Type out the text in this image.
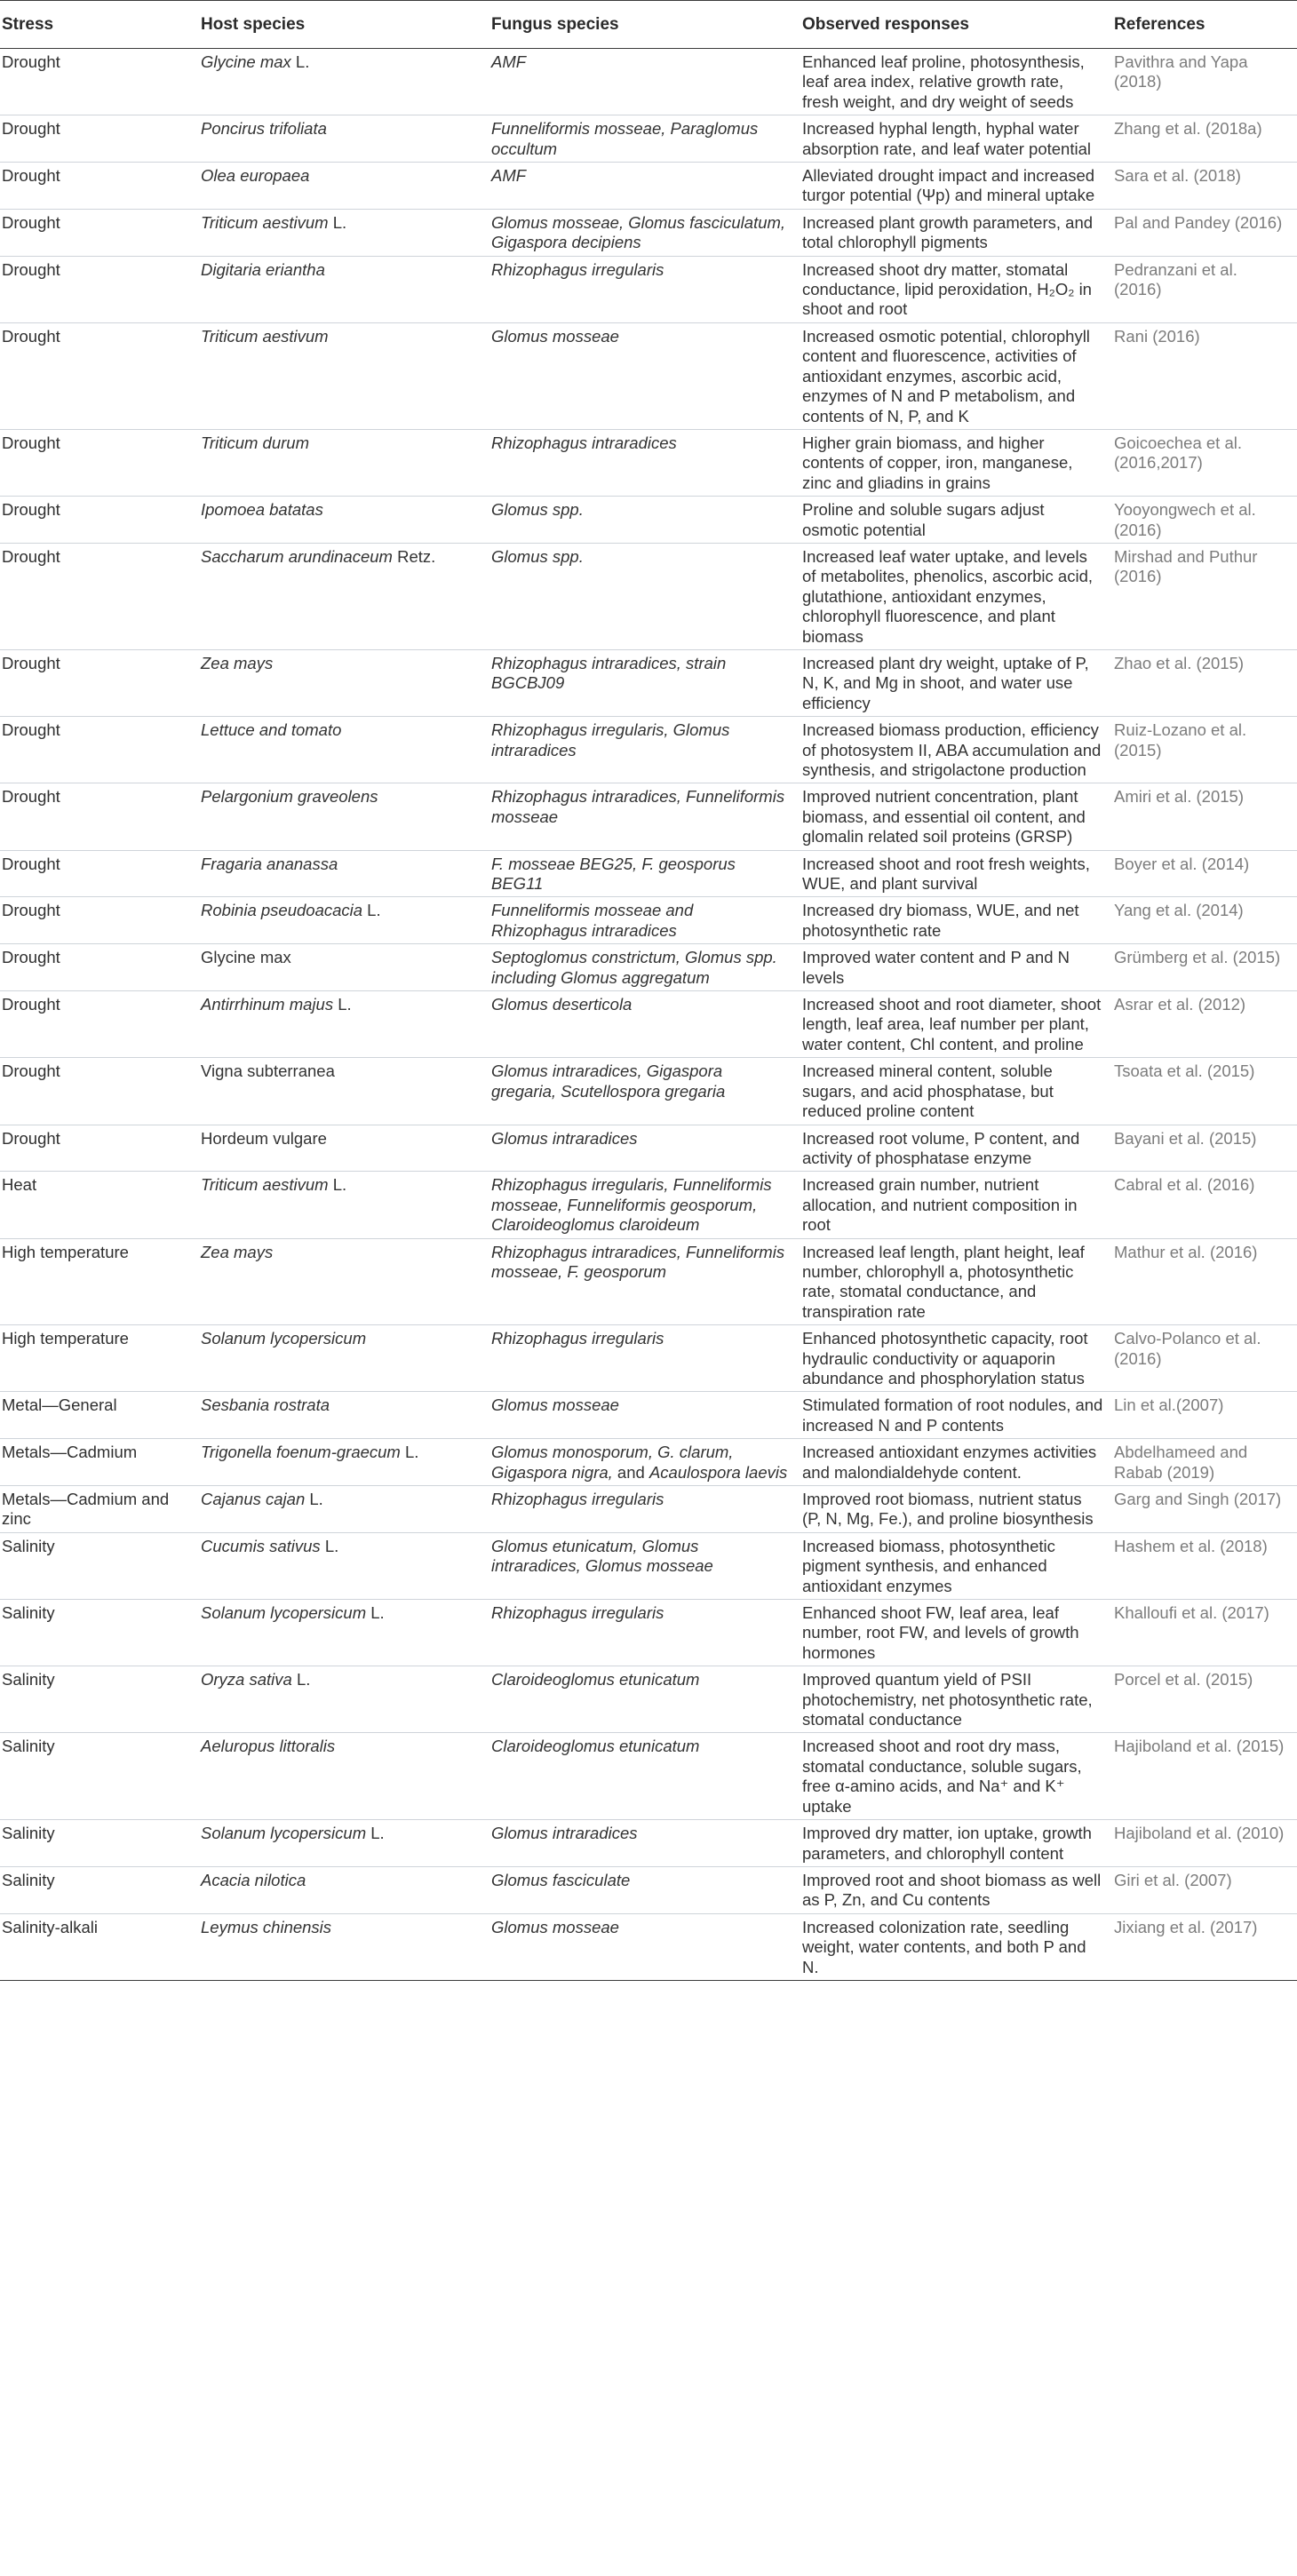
Stress	Host species	Fungus species	Observed responses	References
Drought	Glycine max L.	AMF	Enhanced leaf proline, photosynthesis, leaf area index, relative growth rate, fresh weight, and dry weight of seeds	Pavithra and Yapa (2018)
Drought	Poncirus trifoliata	Funneliformis mosseae, Paraglomus occultum	Increased hyphal length, hyphal water absorption rate, and leaf water potential	Zhang et al. (2018a)
Drought	Olea europaea	AMF	Alleviated drought impact and increased turgor potential (Ψp) and mineral uptake	Sara et al. (2018)
Drought	Triticum aestivum L.	Glomus mosseae, Glomus fasciculatum, Gigaspora decipiens	Increased plant growth parameters, and total chlorophyll pigments	Pal and Pandey (2016)
Drought	Digitaria eriantha	Rhizophagus irregularis	Increased shoot dry matter, stomatal conductance, lipid peroxidation, H₂O₂ in shoot and root	Pedranzani et al. (2016)
Drought	Triticum aestivum	Glomus mosseae	Increased osmotic potential, chlorophyll content and fluorescence, activities of antioxidant enzymes, ascorbic acid, enzymes of N and P metabolism, and contents of N, P, and K	Rani (2016)
Drought	Triticum durum	Rhizophagus intraradices	Higher grain biomass, and higher contents of copper, iron, manganese, zinc and gliadins in grains	Goicoechea et al. (2016,2017)
Drought	Ipomoea batatas	Glomus spp.	Proline and soluble sugars adjust osmotic potential	Yooyongwech et al. (2016)
Drought	Saccharum arundinaceum Retz.	Glomus spp.	Increased leaf water uptake, and levels of metabolites, phenolics, ascorbic acid, glutathione, antioxidant enzymes, chlorophyll fluorescence, and plant biomass	Mirshad and Puthur (2016)
Drought	Zea mays	Rhizophagus intraradices, strain BGCBJ09	Increased plant dry weight, uptake of P, N, K, and Mg in shoot, and water use efficiency	Zhao et al. (2015)
Drought	Lettuce and tomato	Rhizophagus irregularis, Glomus intraradices	Increased biomass production, efficiency of photosystem II, ABA accumulation and synthesis, and strigolactone production	Ruiz-Lozano et al. (2015)
Drought	Pelargonium graveolens	Rhizophagus intraradices, Funneliformis mosseae	Improved nutrient concentration, plant biomass, and essential oil content, and glomalin related soil proteins (GRSP)	Amiri et al. (2015)
Drought	Fragaria ananassa	F. mosseae BEG25, F. geosporus BEG11	Increased shoot and root fresh weights, WUE, and plant survival	Boyer et al. (2014)
Drought	Robinia pseudoacacia L.	Funneliformis mosseae and Rhizophagus intraradices	Increased dry biomass, WUE, and net photosynthetic rate	Yang et al. (2014)
Drought	Glycine max	Septoglomus constrictum, Glomus spp. including Glomus aggregatum	Improved water content and P and N levels	Grümberg et al. (2015)
Drought	Antirrhinum majus L.	Glomus deserticola	Increased shoot and root diameter, shoot length, leaf area, leaf number per plant, water content, Chl content, and proline	Asrar et al. (2012)
Drought	Vigna subterranea	Glomus intraradices, Gigaspora gregaria, Scutellospora gregaria	Increased mineral content, soluble sugars, and acid phosphatase, but reduced proline content	Tsoata et al. (2015)
Drought	Hordeum vulgare	Glomus intraradices	Increased root volume, P content, and activity of phosphatase enzyme	Bayani et al. (2015)
Heat	Triticum aestivum L.	Rhizophagus irregularis, Funneliformis mosseae, Funneliformis geosporum, Claroideoglomus claroideum	Increased grain number, nutrient allocation, and nutrient composition in root	Cabral et al. (2016)
High temperature	Zea mays	Rhizophagus intraradices, Funneliformis mosseae, F. geosporum	Increased leaf length, plant height, leaf number, chlorophyll a, photosynthetic rate, stomatal conductance, and transpiration rate	Mathur et al. (2016)
High temperature	Solanum lycopersicum	Rhizophagus irregularis	Enhanced photosynthetic capacity, root hydraulic conductivity or aquaporin abundance and phosphorylation status	Calvo-Polanco et al. (2016)
Metal—General	Sesbania rostrata	Glomus mosseae	Stimulated formation of root nodules, and increased N and P contents	Lin et al.(2007)
Metals—Cadmium	Trigonella foenum-graecum L.	Glomus monosporum, G. clarum, Gigaspora nigra, and Acaulospora laevis	Increased antioxidant enzymes activities and malondialdehyde content.	Abdelhameed and Rabab (2019)
Metals—Cadmium and zinc	Cajanus cajan L.	Rhizophagus irregularis	Improved root biomass, nutrient status (P, N, Mg, Fe.), and proline biosynthesis	Garg and Singh (2017)
Salinity	Cucumis sativus L.	Glomus etunicatum, Glomus intraradices, Glomus mosseae	Increased biomass, photosynthetic pigment synthesis, and enhanced antioxidant enzymes	Hashem et al. (2018)
Salinity	Solanum lycopersicum L.	Rhizophagus irregularis	Enhanced shoot FW, leaf area, leaf number, root FW, and levels of growth hormones	Khalloufi et al. (2017)
Salinity	Oryza sativa L.	Claroideoglomus etunicatum	Improved quantum yield of PSII photochemistry, net photosynthetic rate, stomatal conductance	Porcel et al. (2015)
Salinity	Aeluropus littoralis	Claroideoglomus etunicatum	Increased shoot and root dry mass, stomatal conductance, soluble sugars, free α-amino acids, and Na⁺ and K⁺ uptake	Hajiboland et al. (2015)
Salinity	Solanum lycopersicum L.	Glomus intraradices	Improved dry matter, ion uptake, growth parameters, and chlorophyll content	Hajiboland et al. (2010)
Salinity	Acacia nilotica	Glomus fasciculate	Improved root and shoot biomass as well as P, Zn, and Cu contents	Giri et al. (2007)
Salinity-alkali	Leymus chinensis	Glomus mosseae	Increased colonization rate, seedling weight, water contents, and both P and N.	Jixiang et al. (2017)
